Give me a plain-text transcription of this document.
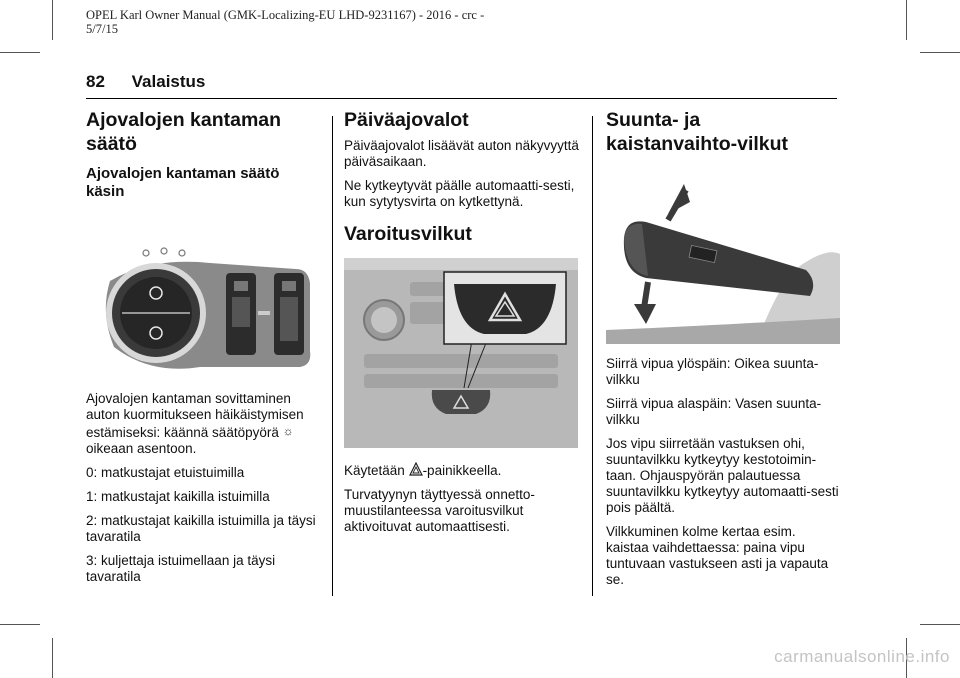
OPEL Karl Owner Manual (GMK-Localizing-EU LHD-9231167) - 2016 - crc - 5/7/15
82 Valaistus
Ajovalojen kantaman säätö
Ajovalojen kantaman säätö käsin

Ajovalojen kantaman sovittaminen auton kuormitukseen häikäistymisen estämiseksi: käännä säätöpyörä ☼
oikeaan asentoon.

0: matkustajat etuistuimilla

1: matkustajat kaikilla istuimilla

2: matkustajat kaikilla istuimilla ja täysi tavaratila

3: kuljettaja istuimellaan ja täysi tavaratila

Päiväajovalot

Päiväajovalot lisäävät auton näkyvyyttä päiväsaikaan.

Ne kytkeytyvät päälle automaatti-sesti, kun sytytysvirta on kytkettynä.

Varoitusvilkut

Käytetään -painikkeella.

Turvatyynyn täyttyessä onnetto-muustilanteessa varoitusvilkut aktivoituvat automaattisesti.

Suunta- ja kaistanvaihto-vilkut

Siirrä vipua ylöspäin: Oikea suunta-vilkku

Siirrä vipua alaspäin: Vasen suunta-vilkku

Jos vipu siirretään vastuksen ohi, suuntavilkku kytkeytyy kestotoimin-taan. Ohjauspyörän palautuessa suuntavilkku kytkeytyy automaatti-sesti pois päältä.

Vilkkuminen kolme kertaa esim. kaistaa vaihdettaessa: paina vipu tuntuvaan vastukseen asti ja vapauta se.

carmanualsonline.info
